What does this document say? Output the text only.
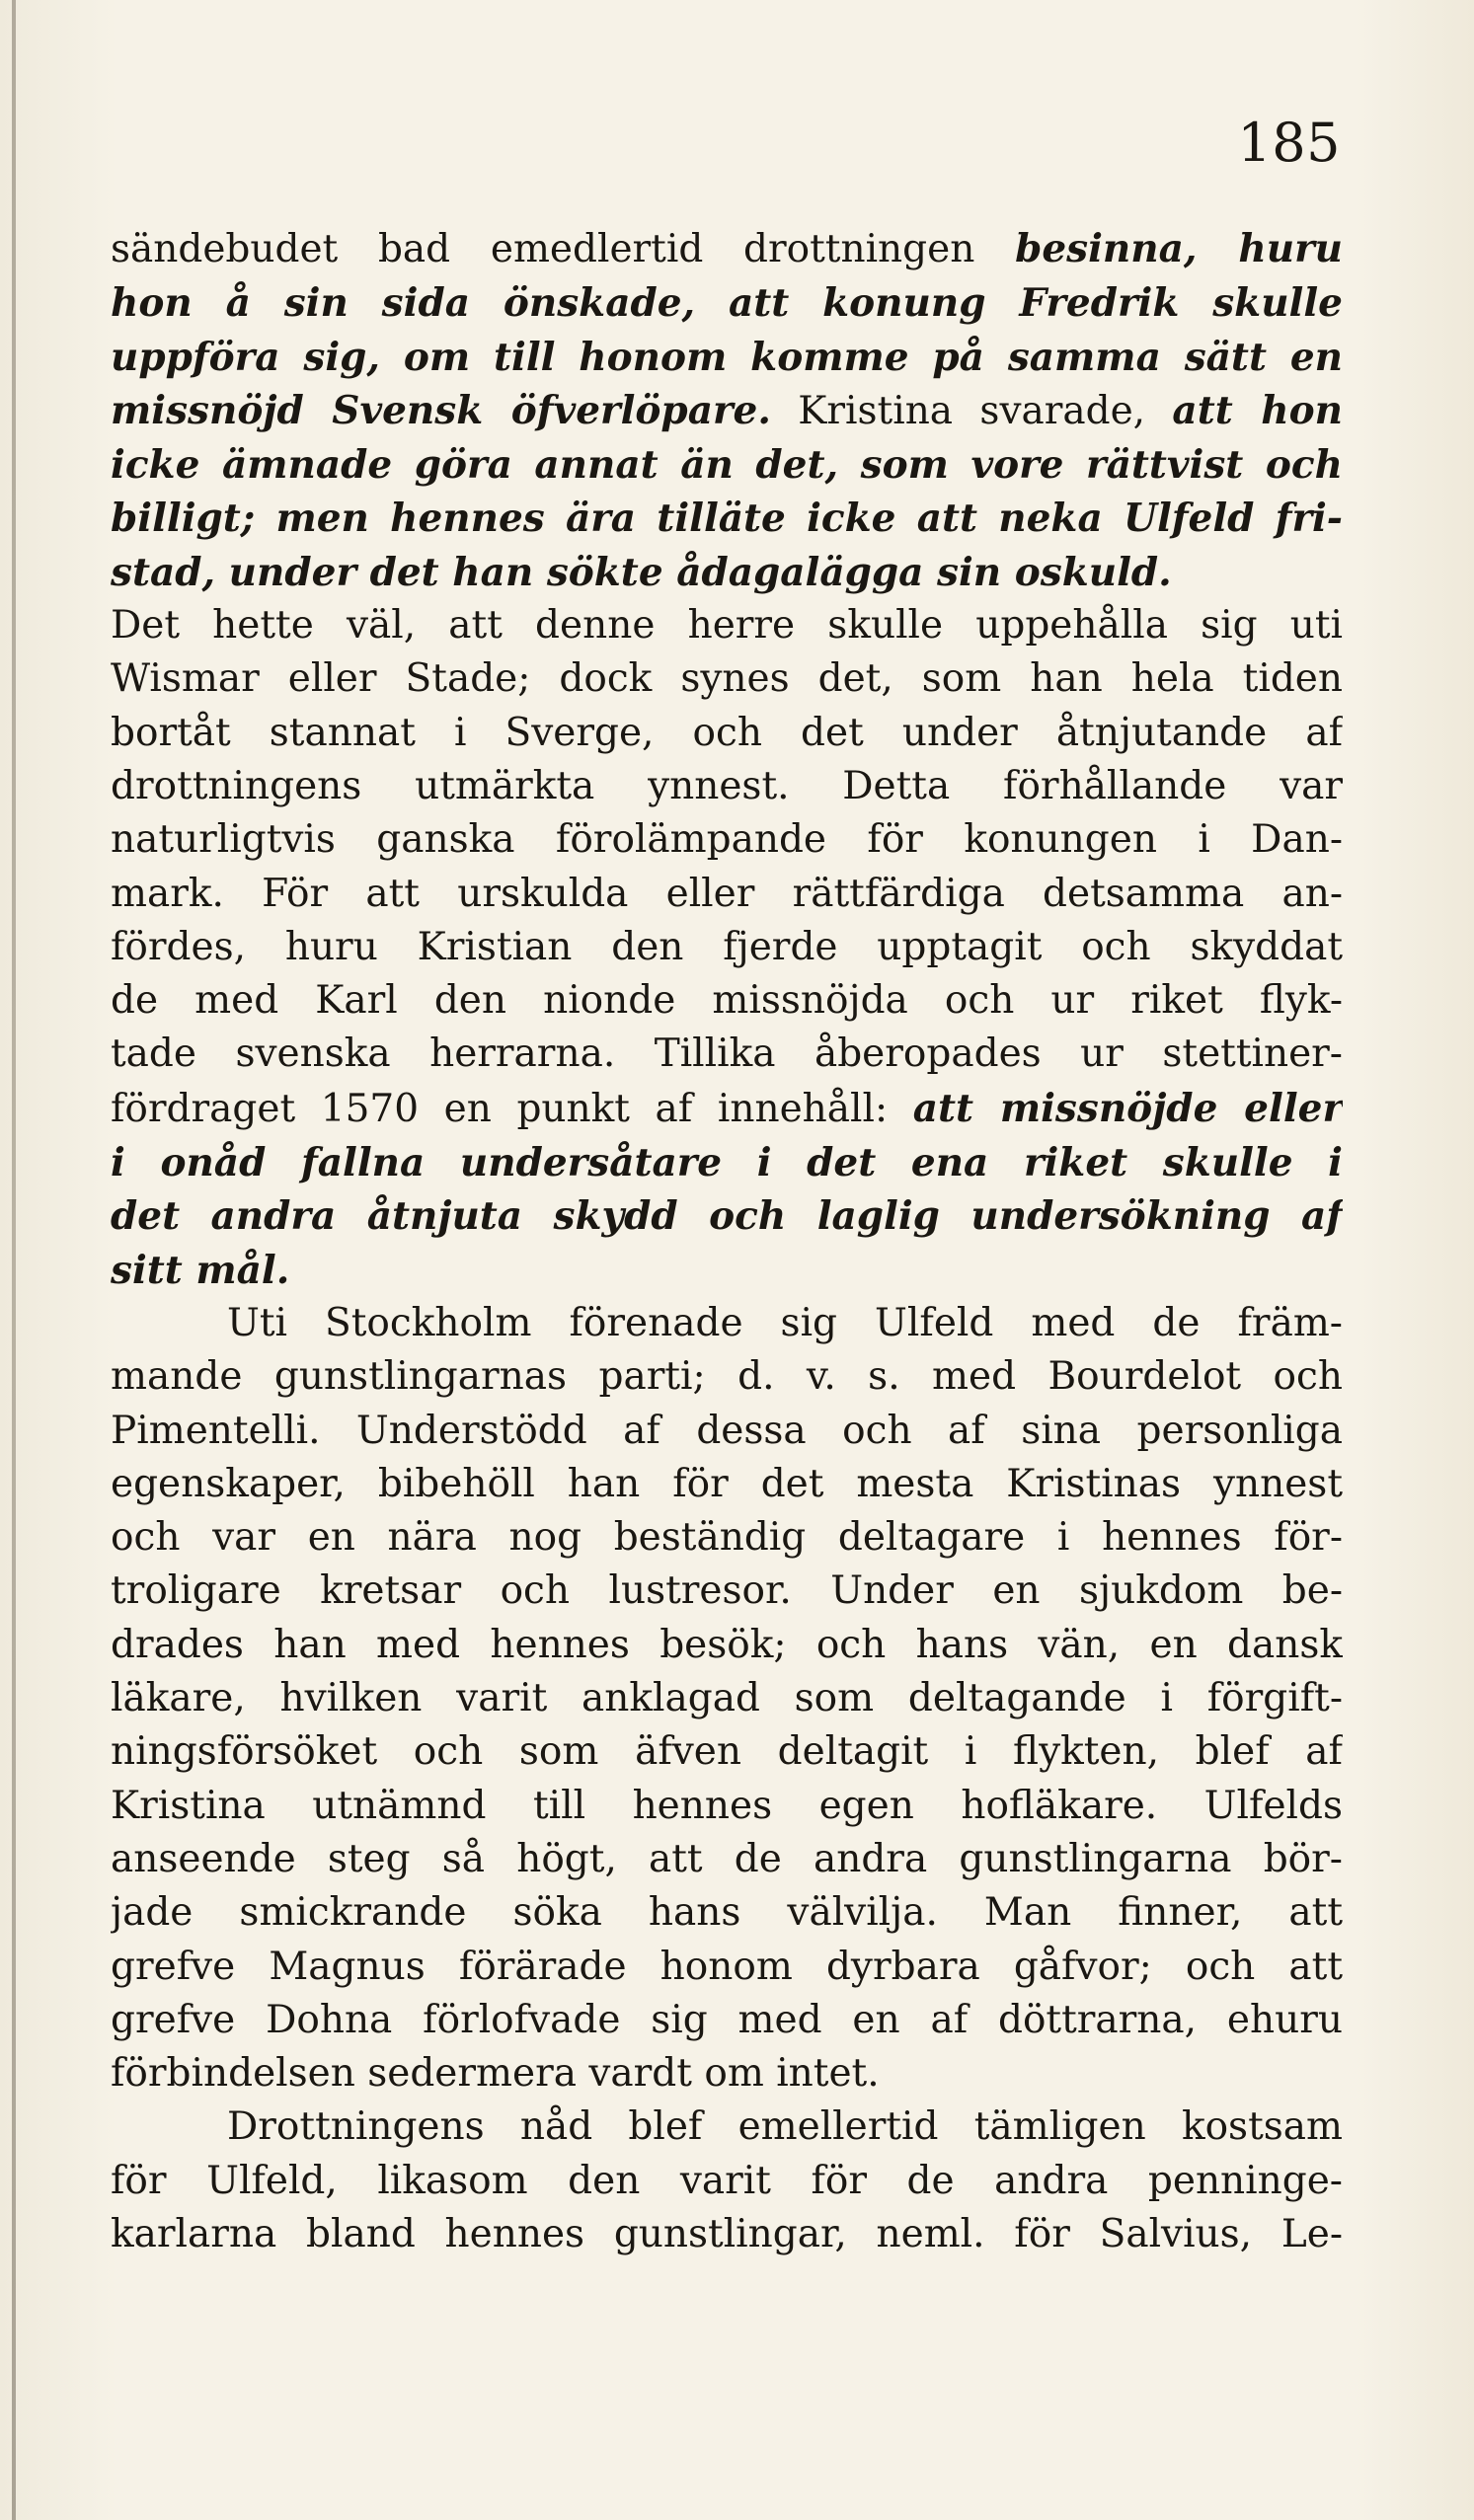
185
sändebudet bad emedlertid drottningen besinna, huru
hon å sin sida önskade, att konung Fredrik skulle
uppföra sig, om till honom komme på samma sätt en
missnöjd Svensk öfverlöpare. Kristina svarade, att hon
icke ämnade göra annat än det, som vore rättvist och
billigt; men hennes ära tilläte icke att neka Ulfeld fri-
stad, under det han sökte ådagalägga sin oskuld.
Det hette väl, att denne herre skulle uppehålla sig uti
Wismar eller Stade; dock synes det, som han hela tiden
bortåt stannat i Sverge, och det under åtnjutande af
drottningens utmärkta ynnest. Detta förhållande var
naturligtvis ganska förolämpande för konungen i Dan-
mark. För att urskulda eller rättfärdiga detsamma an-
fördes, huru Kristian den fjerde upptagit och skyddat
de med Karl den nionde missnöjda och ur riket flyk-
tade svenska herrarna. Tillika åberopades ur stettiner-
fördraget 1570 en punkt af innehåll: att missnöjde eller
i onåd fallna undersåtare i det ena riket skulle i
det andra åtnjuta skydd och laglig undersökning af
sitt mål.
Uti Stockholm förenade sig Ulfeld med de främ-
mande gunstlingarnas parti; d. v. s. med Bourdelot och
Pimentelli. Understödd af dessa och af sina personliga
egenskaper, bibehöll han för det mesta Kristinas ynnest
och var en nära nog beständig deltagare i hennes för-
troligare kretsar och lustresor. Under en sjukdom be-
drades han med hennes besök; och hans vän, en dansk
läkare, hvilken varit anklagad som deltagande i förgift-
ningsförsöket och som äfven deltagit i flykten, blef af
Kristina utnämnd till hennes egen hofläkare. Ulfelds
anseende steg så högt, att de andra gunstlingarna bör-
jade smickrande söka hans välvilja. Man finner, att
grefve Magnus förärade honom dyrbara gåfvor; och att
grefve Dohna förlofvade sig med en af döttrarna, ehuru
förbindelsen sedermera vardt om intet.
Drottningens nåd blef emellertid tämligen kostsam
för Ulfeld, likasom den varit för de andra penninge-
karlarna bland hennes gunstlingar, neml. för Salvius, Le-
